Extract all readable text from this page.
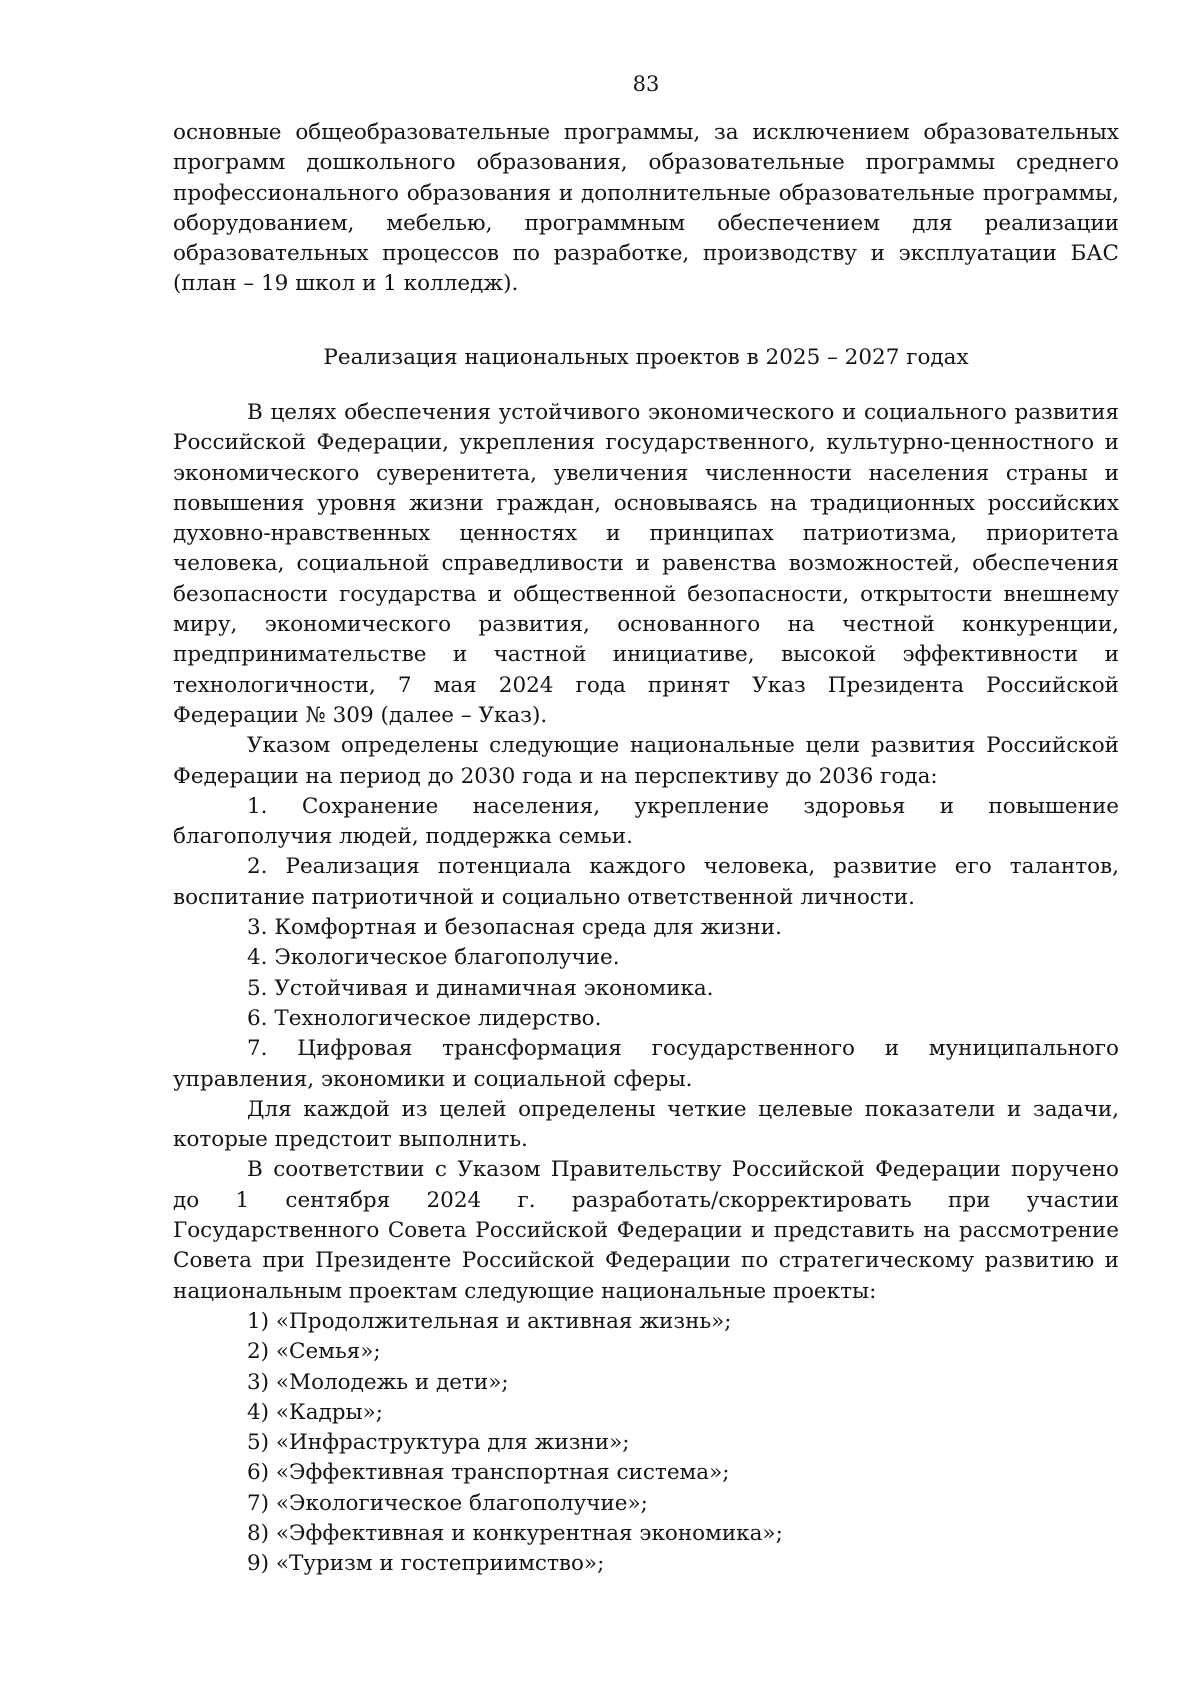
83

основные общеобразовательные программы, за исключением образовательных программ дошкольного образования, образовательные программы среднего профессионального образования и дополнительные образовательные программы, оборудованием, мебелью, программным обеспечением для реализации образовательных процессов по разработке, производству и эксплуатации БАС (план – 19 школ и 1 колледж).

Реализация национальных проектов в 2025 – 2027 годах

В целях обеспечения устойчивого экономического и социального развития Российской Федерации, укрепления государственного, культурно-ценностного и экономического суверенитета, увеличения численности населения страны и повышения уровня жизни граждан, основываясь на традиционных российских духовно-нравственных ценностях и принципах патриотизма, приоритета человека, социальной справедливости и равенства возможностей, обеспечения безопасности государства и общественной безопасности, открытости внешнему миру, экономического развития, основанного на честной конкуренции, предпринимательстве и частной инициативе, высокой эффективности и технологичности, 7 мая 2024 года принят Указ Президента Российской Федерации № 309 (далее – Указ).

Указом определены следующие национальные цели развития Российской Федерации на период до 2030 года и на перспективу до 2036 года:

1. Сохранение населения, укрепление здоровья и повышение благополучия людей, поддержка семьи.

2. Реализация потенциала каждого человека, развитие его талантов, воспитание патриотичной и социально ответственной личности.

3. Комфортная и безопасная среда для жизни.

4. Экологическое благополучие.

5. Устойчивая и динамичная экономика.

6. Технологическое лидерство.

7. Цифровая трансформация государственного и муниципального управления, экономики и социальной сферы.

Для каждой из целей определены четкие целевые показатели и задачи, которые предстоит выполнить.

В соответствии с Указом Правительству Российской Федерации поручено до 1 сентября 2024 г. разработать/скорректировать при участии Государственного Совета Российской Федерации и представить на рассмотрение Совета при Президенте Российской Федерации по стратегическому развитию и национальным проектам следующие национальные проекты:

1) «Продолжительная и активная жизнь»;

2) «Семья»;

3) «Молодежь и дети»;

4) «Кадры»;

5) «Инфраструктура для жизни»;

6) «Эффективная транспортная система»;

7) «Экологическое благополучие»;

8) «Эффективная и конкурентная экономика»;

9) «Туризм и гостеприимство»;
